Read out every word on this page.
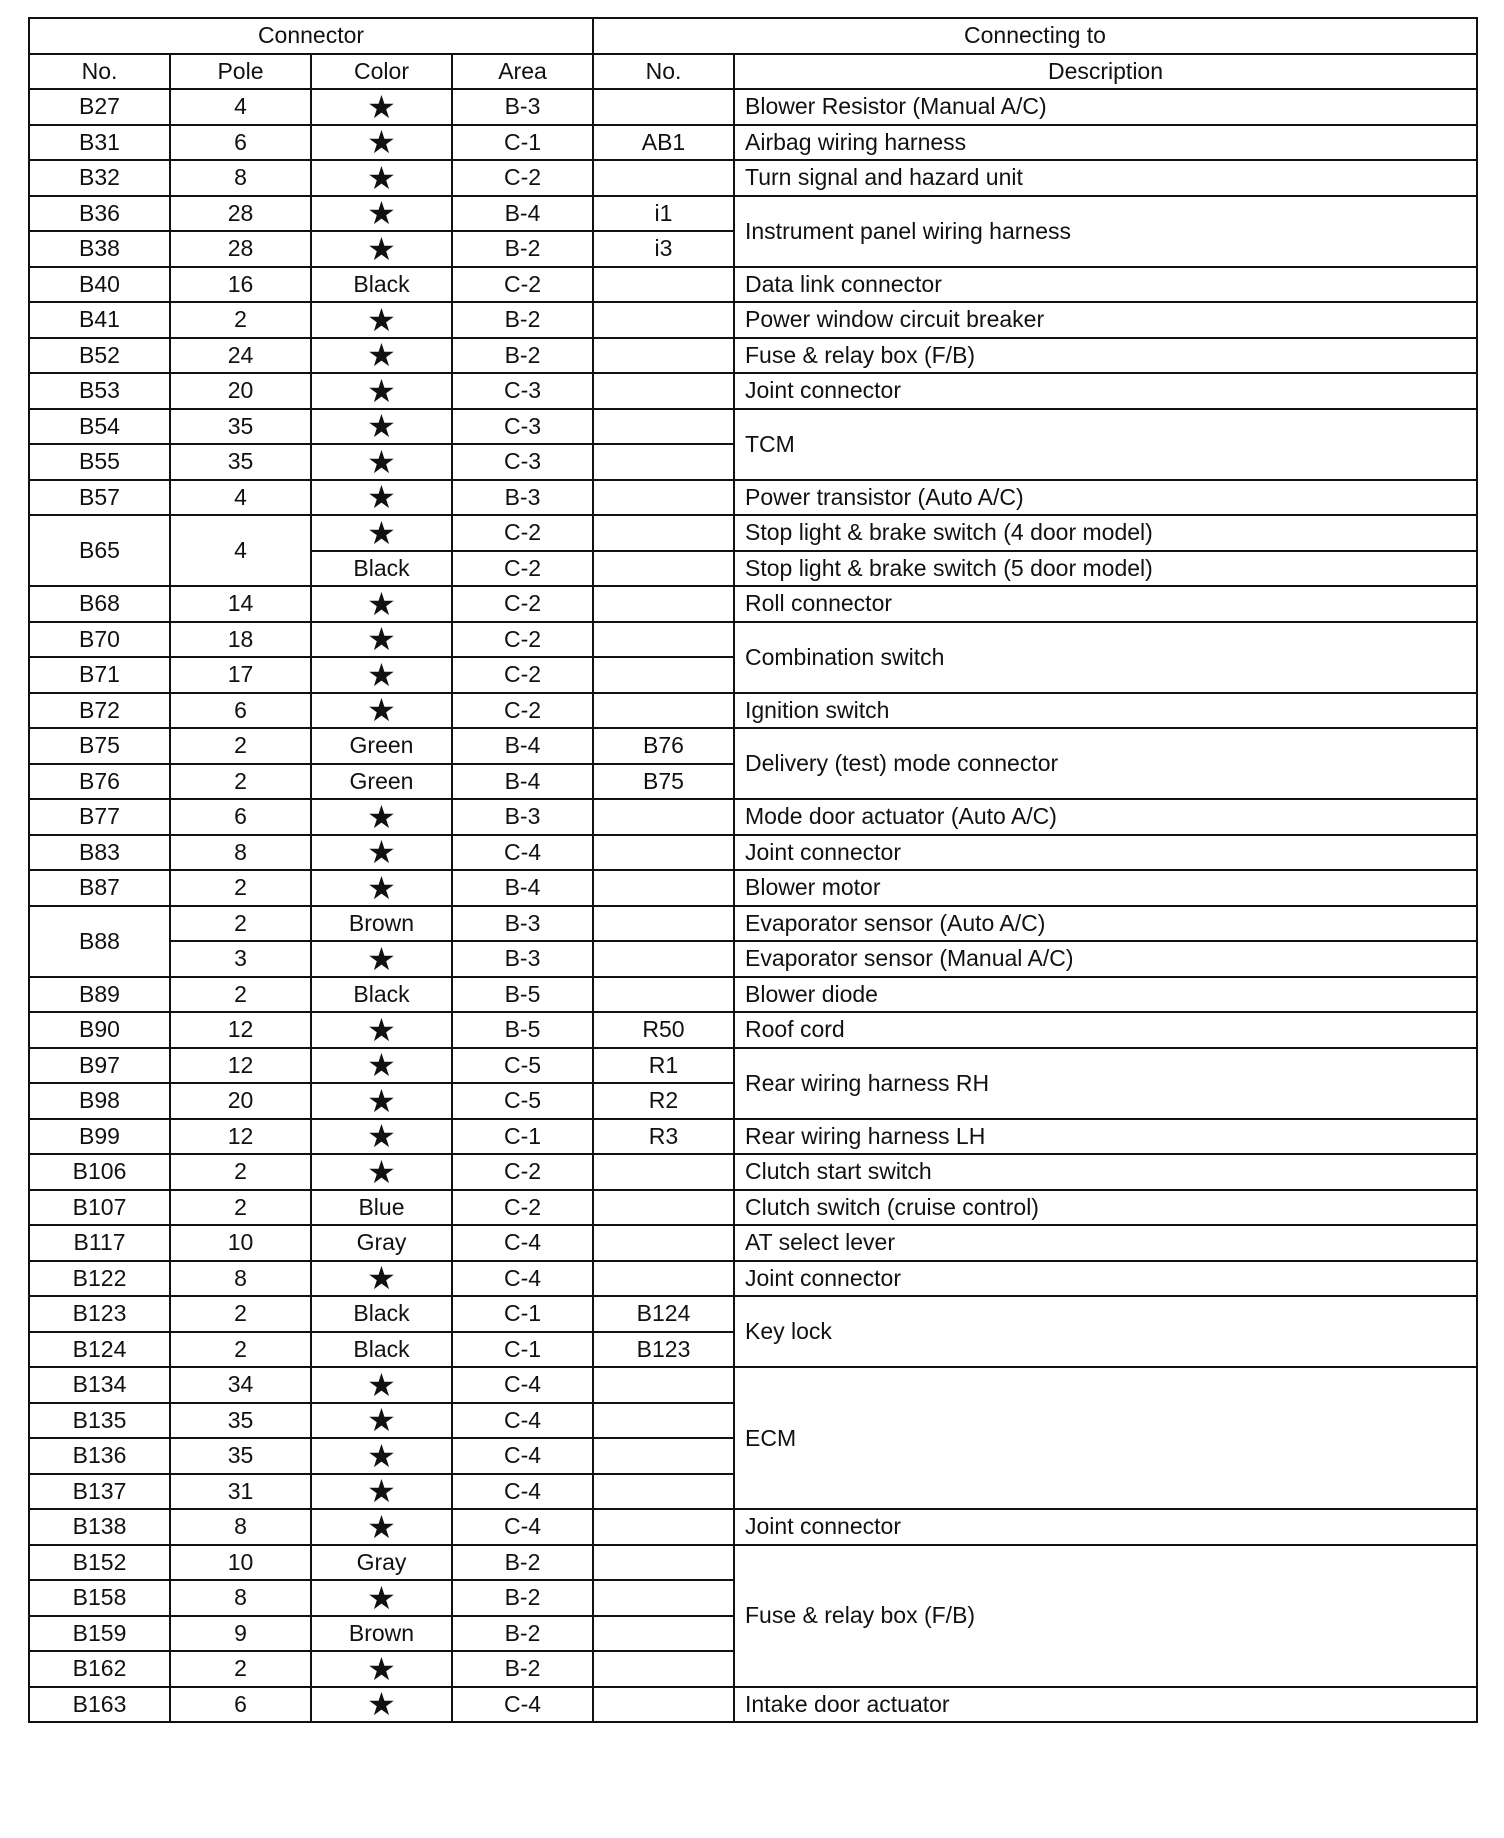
Connector				Connecting to	
No.	Pole	Color	Area	No.	Description
B27	4	★	B-3		Blower Resistor (Manual A/C)
B31	6	★	C-1	AB1	Airbag wiring harness
B32	8	★	C-2		Turn signal and hazard unit
B36	28	★	B-4	i1	Instrument panel wiring harness
B38	28	★	B-2	i3	
B40	16	Black	C-2		Data link connector
B41	2	★	B-2		Power window circuit breaker
B52	24	★	B-2		Fuse & relay box (F/B)
B53	20	★	C-3		Joint connector
B54	35	★	C-3		TCM
B55	35	★	C-3		
B57	4	★	B-3		Power transistor (Auto A/C)
B65	4	★	C-2		Stop light & brake switch (4 door model)
		Black	C-2		Stop light & brake switch (5 door model)
B68	14	★	C-2		Roll connector
B70	18	★	C-2		Combination switch
B71	17	★	C-2		
B72	6	★	C-2		Ignition switch
B75	2	Green	B-4	B76	Delivery (test) mode connector
B76	2	Green	B-4	B75	
B77	6	★	B-3		Mode door actuator (Auto A/C)
B83	8	★	C-4		Joint connector
B87	2	★	B-4		Blower motor
B88	2	Brown	B-3		Evaporator sensor (Auto A/C)
	3	★	B-3		Evaporator sensor (Manual A/C)
B89	2	Black	B-5		Blower diode
B90	12	★	B-5	R50	Roof cord
B97	12	★	C-5	R1	Rear wiring harness RH
B98	20	★	C-5	R2	
B99	12	★	C-1	R3	Rear wiring harness LH
B106	2	★	C-2		Clutch start switch
B107	2	Blue	C-2		Clutch switch (cruise control)
B117	10	Gray	C-4		AT select lever
B122	8	★	C-4		Joint connector
B123	2	Black	C-1	B124	Key lock
B124	2	Black	C-1	B123	
B134	34	★	C-4		ECM
B135	35	★	C-4		
B136	35	★	C-4		
B137	31	★	C-4		
B138	8	★	C-4		Joint connector
B152	10	Gray	B-2		Fuse & relay box (F/B)
B158	8	★	B-2		
B159	9	Brown	B-2		
B162	2	★	B-2		
B163	6	★	C-4		Intake door actuator
